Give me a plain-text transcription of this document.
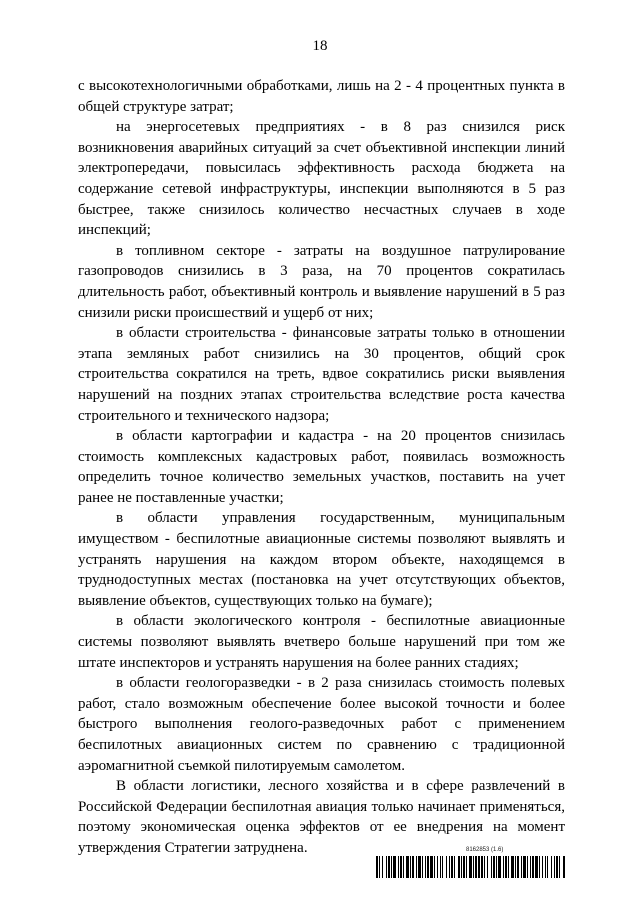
18

с высокотехнологичными обработками, лишь на 2 - 4 процентных пункта в общей структуре затрат;

на энергосетевых предприятиях - в 8 раз снизился риск возникновения аварийных ситуаций за счет объективной инспекции линий электропередачи, повысилась эффективность расхода бюджета на содержание сетевой инфраструктуры, инспекции выполняются в 5 раз быстрее, также снизилось количество несчастных случаев в ходе инспекций;

в топливном секторе - затраты на воздушное патрулирование газопроводов снизились в 3 раза, на 70 процентов сократилась длительность работ, объективный контроль и выявление нарушений в 5 раз снизили риски происшествий и ущерб от них;

в области строительства - финансовые затраты только в отношении этапа земляных работ снизились на 30 процентов, общий срок строительства сократился на треть, вдвое сократились риски выявления нарушений на поздних этапах строительства вследствие роста качества строительного и технического надзора;

в области картографии и кадастра - на 20 процентов снизилась стоимость комплексных кадастровых работ, появилась возможность определить точное количество земельных участков, поставить на учет ранее не поставленные участки;

в области управления государственным, муниципальным имуществом - беспилотные авиационные системы позволяют выявлять и устранять нарушения на каждом втором объекте, находящемся в труднодоступных местах (постановка на учет отсутствующих объектов, выявление объектов, существующих только на бумаге);

в области экологического контроля - беспилотные авиационные системы позволяют выявлять вчетверо больше нарушений при том же штате инспекторов и устранять нарушения на более ранних стадиях;

в области геологоразведки - в 2 раза снизилась стоимость полевых работ, стало возможным обеспечение более высокой точности и более быстрого выполнения геолого-разведочных работ с применением беспилотных авиационных систем по сравнению с традиционной аэромагнитной съемкой пилотируемым самолетом.

В области логистики, лесного хозяйства и в сфере развлечений в Российской Федерации беспилотная авиация только начинает применяться, поэтому экономическая оценка эффектов от ее внедрения на момент утверждения Стратегии затруднена.	8162853 (1.6)
